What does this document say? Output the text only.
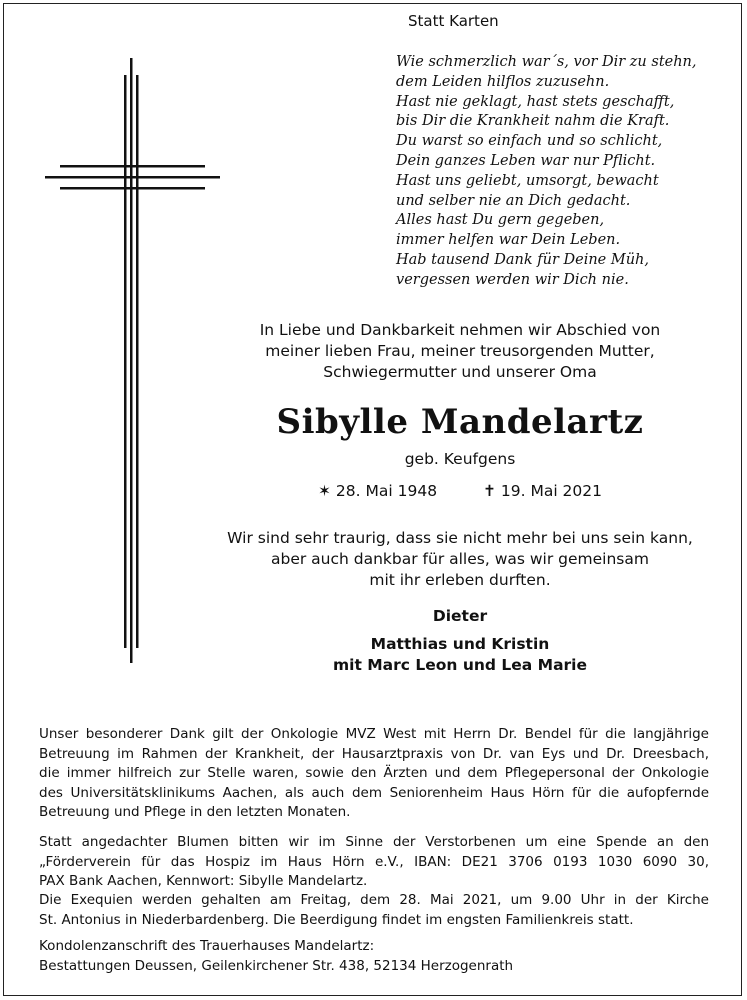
Statt Karten
Wie schmerzlich war´s, vor Dir zu stehn,
dem Leiden hilflos zuzusehn.
Hast nie geklagt, hast stets geschafft,
bis Dir die Krankheit nahm die Kraft.
Du warst so einfach und so schlicht,
Dein ganzes Leben war nur Pflicht.
Hast uns geliebt, umsorgt, bewacht
und selber nie an Dich gedacht.
Alles hast Du gern gegeben,
immer helfen war Dein Leben.
Hab tausend Dank für Deine Müh,
vergessen werden wir Dich nie.
In Liebe und Dankbarkeit nehmen wir Abschied von
meiner lieben Frau, meiner treusorgenden Mutter,
Schwiegermutter und unserer Oma
Sibylle Mandelartz
geb. Keufgens
✶ 28. Mai 1948	✝ 19. Mai 2021
Wir sind sehr traurig, dass sie nicht mehr bei uns sein kann,
aber auch dankbar für alles, was wir gemeinsam
mit ihr erleben durften.
Dieter
Matthias und Kristin
mit Marc Leon und Lea Marie
Unser besonderer Dank gilt der Onkologie MVZ West mit Herrn Dr. Bendel für die langjährige
Betreuung im Rahmen der Krankheit, der Hausarztpraxis von Dr. van Eys und Dr. Dreesbach,
die immer hilfreich zur Stelle waren, sowie den Ärzten und dem Pflegepersonal der Onkologie
des Universitätsklinikums Aachen, als auch dem Seniorenheim Haus Hörn für die aufopfernde
Betreuung und Pflege in den letzten Monaten.
Statt angedachter Blumen bitten wir im Sinne der Verstorbenen um eine Spende an den
„Förderverein für das Hospiz im Haus Hörn e.V., IBAN: DE21 3706 0193 1030 6090 30,
PAX Bank Aachen, Kennwort: Sibylle Mandelartz.
Die Exequien werden gehalten am Freitag, dem 28. Mai 2021, um 9.00 Uhr in der Kirche
St. Antonius in Niederbardenberg. Die Beerdigung findet im engsten Familienkreis statt.
Kondolenzanschrift des Trauerhauses Mandelartz:
Bestattungen Deussen, Geilenkirchener Str. 438, 52134 Herzogenrath
